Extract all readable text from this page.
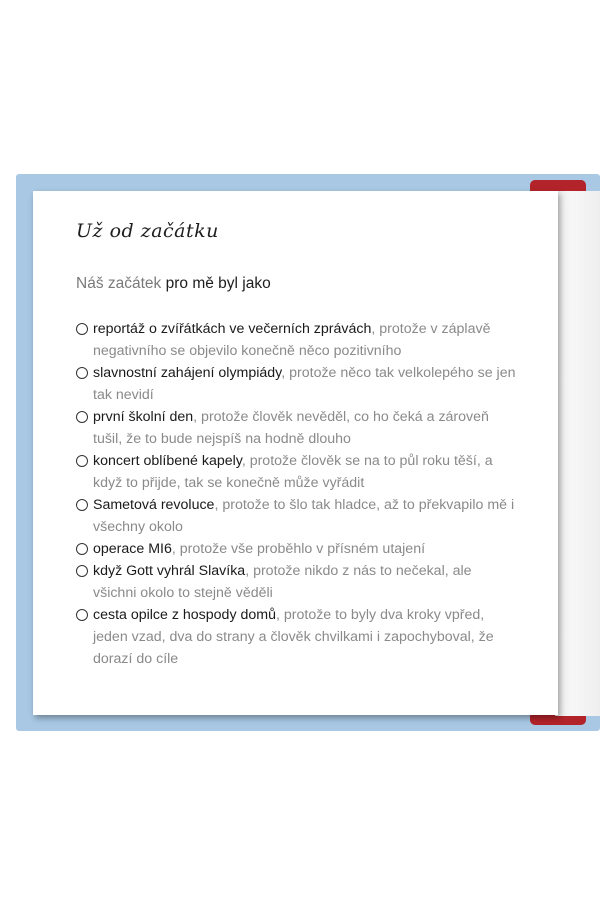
Už od začátku
Náš začátek pro mě byl jako
reportáž o zvířátkách ve večerních zprávách, protože v záplavě negativního se objevilo konečně něco pozitivního
slavnostní zahájení olympiády, protože něco tak velkolepého se jen tak nevidí
první školní den, protože člověk nevěděl, co ho čeká a zároveň tušil, že to bude nejspíš na hodně dlouho
koncert oblíbené kapely, protože člověk se na to půl roku těší, a když to přijde, tak se konečně může vyřádit
Sametová revoluce, protože to šlo tak hladce, až to překvapilo mě i všechny okolo
operace MI6, protože vše proběhlo v přísném utajení
když Gott vyhrál Slavíka, protože nikdo z nás to nečekal, ale všichni okolo to stejně věděli
cesta opilce z hospody domů, protože to byly dva kroky vpřed, jeden vzad, dva do strany a člověk chvilkami i zapochyboval, že dorazí do cíle
